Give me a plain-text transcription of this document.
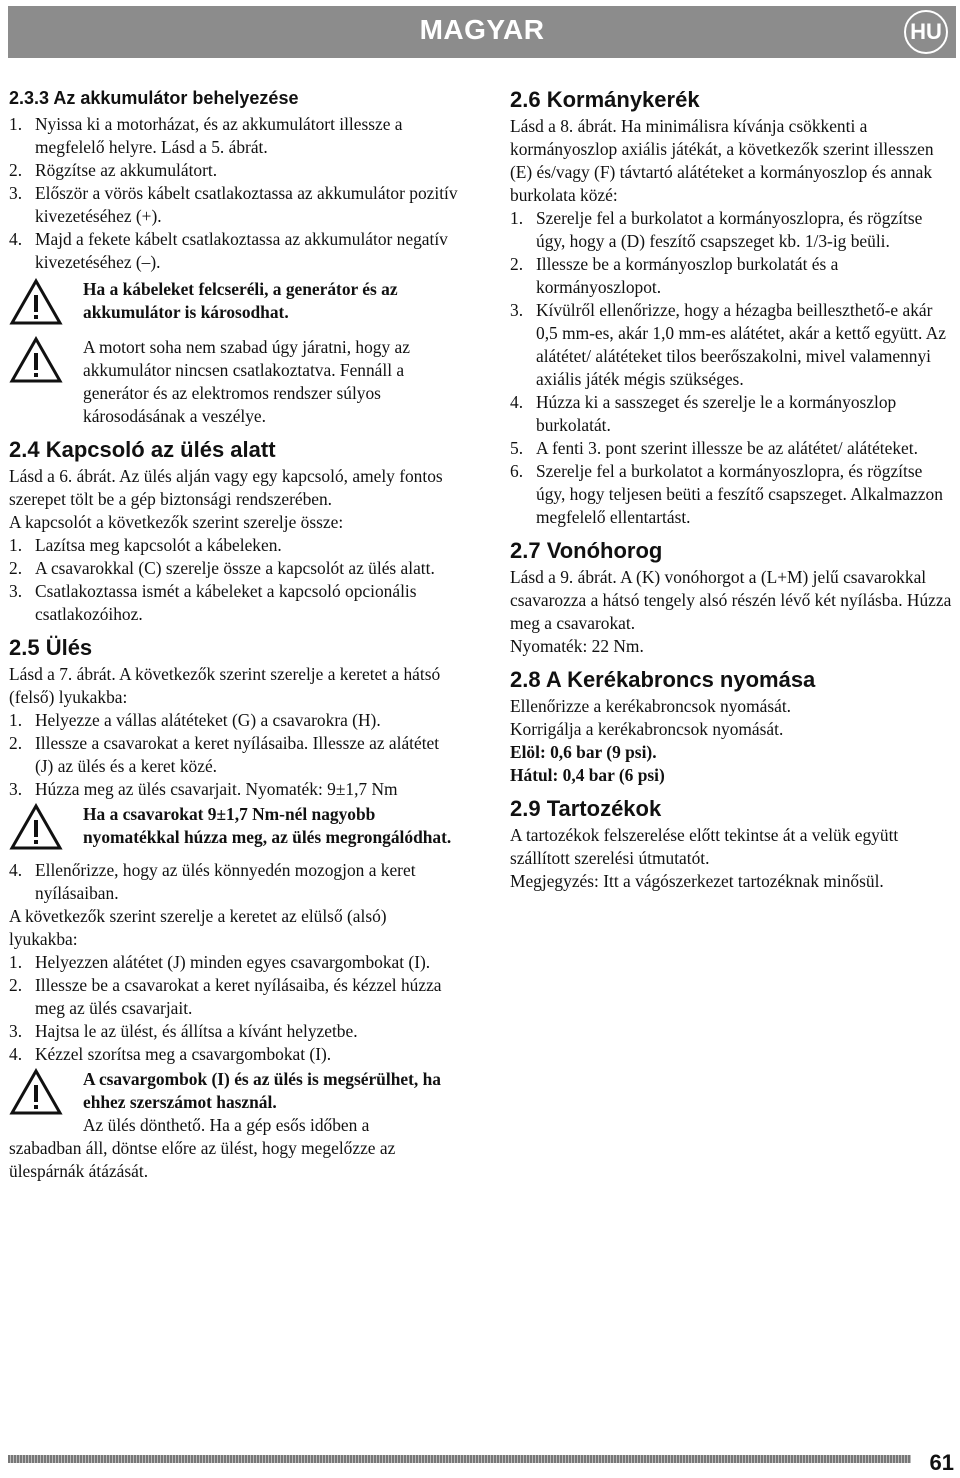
MAGYAR	HU
2.3.3 Az akkumulátor behelyezése
1. Nyissa ki a motorházat, és az akkumulátort illessze a megfelelő helyre. Lásd a 5. ábrát.
2. Rögzítse az akkumulátort.
3. Először a vörös kábelt csatlakoztassa az akkumulátor pozitív kivezetéséhez (+).
4. Majd a fekete kábelt csatlakoztassa az akkumulátor negatív kivezetéséhez (–).
Ha a kábeleket felcseréli, a generátor és az akkumulátor is károsodhat.
A motort soha nem szabad úgy járatni, hogy az akkumulátor nincsen csatlakoztatva. Fennáll a generátor és az elektromos rendszer súlyos károsodásának a veszélye.
2.4 Kapcsoló az ülés alatt

Lásd a 6. ábrát. Az ülés alján vagy egy kapcsoló, amely fontos szerepet tölt be a gép biztonsági rendszerében.

A kapcsolót a következők szerint szerelje össze:

1. Lazítsa meg kapcsolót a kábeleken.
2. A csavarokkal (C) szerelje össze a kapcsolót az ülés alatt.
3. Csatlakoztassa ismét a kábeleket a kapcsoló opcionális csatlakozóihoz.
2.5 Ülés

Lásd a 7. ábrát. A következők szerint szerelje a keretet a hátsó (felső) lyukakba:

1. Helyezze a vállas alátéteket (G) a csavarokra (H).
2. Illessze a csavarokat a keret nyílásaiba. Illessze az alátétet (J) az ülés és a keret közé.
3. Húzza meg az ülés csavarjait. Nyomaték: 9±1,7 Nm
Ha a csavarokat 9±1,7 Nm-nél nagyobb nyomatékkal húzza meg, az ülés megrongálódhat.
4. Ellenőrizze, hogy az ülés könnyedén mozogjon a keret nyílásaiban.

A következők szerint szerelje a keretet az elülső (alsó) lyukakba:

1. Helyezzen alátétet (J) minden egyes csavargombokat (I).
2. Illessze be a csavarokat a keret nyílásaiba, és kézzel húzza meg az ülés csavarjait.
3. Hajtsa le az ülést, és állítsa a kívánt helyzetbe.
4. Kézzel szorítsa meg a csavargombokat (I).
A csavargombok (I) és az ülés is megsérülhet, ha ehhez szerszámot használ.
Az ülés dönthető. Ha a gép esős időben a

szabadban áll, döntse előre az ülést, hogy megelőzze az ülespárnák átázását.

2.6 Kormánykerék

Lásd a 8. ábrát. Ha minimálisra kívánja csökkenti a kormányoszlop axiális játékát, a következők szerint illesszen (E) és/vagy (F) távtartó alátéteket a kormányoszlop és annak burkolata közé:

1. Szerelje fel a burkolatot a kormányoszlopra, és rögzítse úgy, hogy a (D) feszítő csapszeget kb. 1/3-ig beüli.
2. Illessze be a kormányoszlop burkolatát és a kormányoszlopot.
3. Kívülről ellenőrizze, hogy a hézagba beilleszthető-e akár 0,5 mm-es, akár 1,0 mm-es alátétet, akár a kettő együtt. Az alátétet/ alátéteket tilos beerőszakolni, mivel valamennyi axiális játék mégis szükséges.
4. Húzza ki a sasszeget és szerelje le a kormányoszlop burkolatát.
5. A fenti 3. pont szerint illessze be az alátétet/ alátéteket.
6. Szerelje fel a burkolatot a kormányoszlopra, és rögzítse úgy, hogy teljesen beüti a feszítő csapszeget. Alkalmazzon megfelelő ellentartást.
2.7 Vonóhorog

Lásd a 9. ábrát. A (K) vonóhorgot a (L+M) jelű csavarokkal csavarozza a hátsó tengely alsó részén lévő két nyílásba. Húzza meg a csavarokat.

Nyomaték: 22 Nm.

2.8 A Kerékabroncs nyomása

Ellenőrizze a kerékabroncsok nyomását.

Korrigálja a kerékabroncsok nyomását.

Elöl: 0,6 bar (9 psi).

Hátul: 0,4 bar (6 psi)

2.9 Tartozékok

A tartozékok felszerelése előtt tekintse át a velük együtt szállított szerelési útmutatót.

Megjegyzés: Itt a vágószerkezet tartozéknak minősül.

61
